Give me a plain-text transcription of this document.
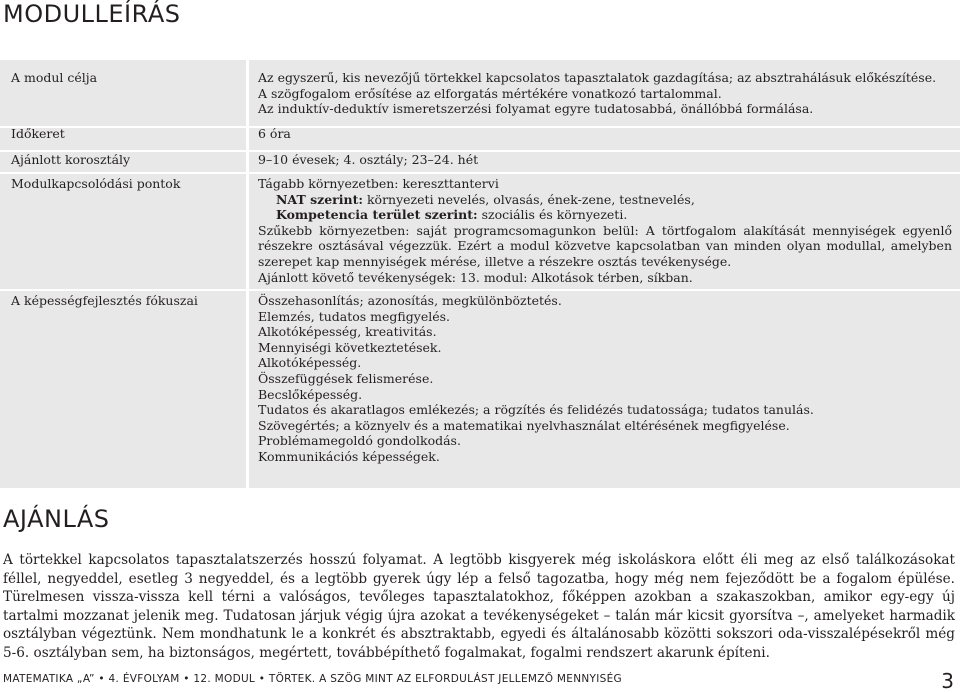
MODULLEÍRÁS
A modul célja	Az egyszerű, kis nevezőjű törtekkel kapcsolatos tapasztalatok gazdagítása; az absztrahálásuk előkészítése.
A szögfogalom erősítése az elforgatás mértékére vonatkozó tartalommal.
Az induktív-deduktív ismeretszerzési folyamat egyre tudatosabbá, önállóbbá formálása.
Időkeret	6 óra
Ajánlott korosztály	9–10 évesek; 4. osztály; 23–24. hét
Modulkapcsolódási pontok	Tágabb környezetben: kereszttantervi
NAT szerint: környezeti nevelés, olvasás, ének-zene, testnevelés,
Kompetencia terület szerint: szociális és környezeti.
Szűkebb környezetben: saját programcsomagunkon belül: A törtfogalom alakítását mennyiségek egyenlő részekre osztásával végezzük. Ezért a modul közvetve kapcsolatban van minden olyan modullal, amelyben szerepet kap mennyiségek mérése, illetve a részekre osztás tevékenysége.
Ajánlott követő tevékenységek: 13. modul: Alkotások térben, síkban.
A képességfejlesztés fókuszai	Összehasonlítás; azonosítás, megkülönböztetés.
Elemzés, tudatos megfigyelés.
Alkotóképesség, kreativitás.
Mennyiségi következtetések.
Alkotóképesség.
Összefüggések felismerése.
Becslőképesség.
Tudatos és akaratlagos emlékezés; a rögzítés és felidézés tudatossága; tudatos tanulás.
Szövegértés; a köznyelv és a matematikai nyelvhasználat eltérésének megfigyelése.
Problémamegoldó gondolkodás.
Kommunikációs képességek.
AJÁNLÁS

A törtekkel kapcsolatos tapasztalatszerzés hosszú folyamat. A legtöbb kisgyerek még iskoláskora előtt éli meg az első találkozásokat féllel, negyeddel, esetleg 3 negyeddel, és a legtöbb gyerek úgy lép a felső tagozatba, hogy még nem fejeződött be a fogalom épülése. Türelmesen vissza-vissza kell térni a valóságos, tevőleges tapasztalatokhoz, főképpen azokban a szakaszokban, amikor egy-egy új tartalmi mozzanat jelenik meg. Tudatosan járjuk végig újra azokat a tevékenységeket – talán már kicsit gyorsítva –, amelyeket harmadik osztályban végeztünk. Nem mondhatunk le a konkrét és absztraktabb, egyedi és általánosabb közötti sokszori oda-visszalépésekről még 5-6. osztályban sem, ha biztonságos, megértett, továbbépíthető fogalmakat, fogalmi rendszert akarunk építeni.

MATEMATIKA „A” • 4. ÉVFOLYAM • 12. MODUL • TÖRTEK. A SZÖG MINT AZ ELFORDULÁST JELLEMZŐ MENNYISÉG	3
